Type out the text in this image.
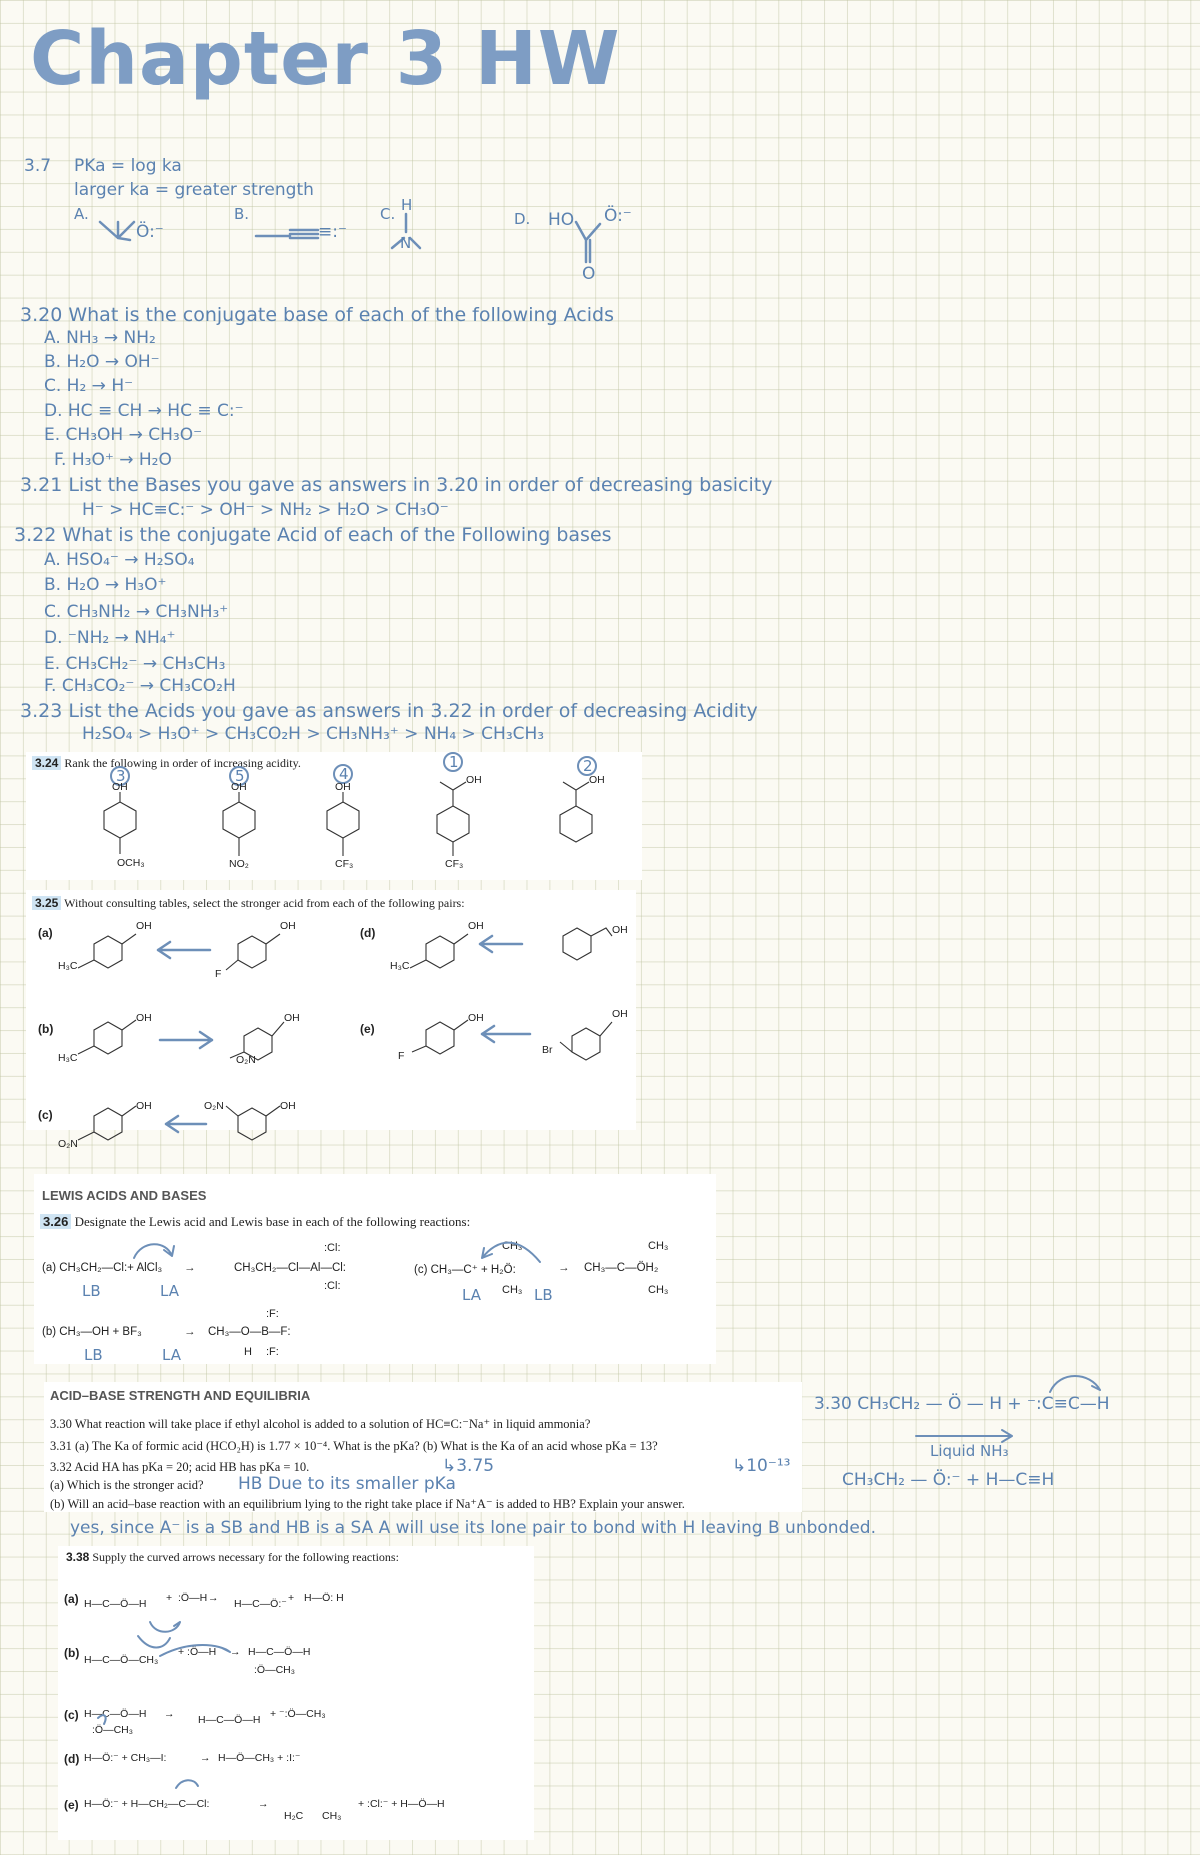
Chapter 3 HW
3.7 PKa = log ka
larger ka = greater strength
A.	B.	C.	D.
Ö:⁻	≡:⁻
H
N
HO Ö:⁻
O
3.20 What is the conjugate base of each of the following Acids
A. NH₃ → NH₂
B. H₂O → OH⁻
C. H₂ → H⁻
D. HC ≡ CH → HC ≡ C:⁻
E. CH₃OH → CH₃O⁻
F. H₃O⁺ → H₂O
3.21 List the Bases you gave as answers in 3.20 in order of decreasing basicity
H⁻ > HC≡C:⁻ > OH⁻ > NH₂ > H₂O > CH₃O⁻
3.22 What is the conjugate Acid of each of the Following bases
A. HSO₄⁻ → H₂SO₄
B. H₂O → H₃O⁺
C. CH₃NH₂ → CH₃NH₃⁺
D. ⁻NH₂ → NH₄⁺
E. CH₃CH₂⁻ → CH₃CH₃
F. CH₃CO₂⁻ → CH₃CO₂H
3.23 List the Acids you gave as answers in 3.22 in order of decreasing Acidity
H₂SO₄ > H₃O⁺ > CH₃CO₂H > CH₃NH₃⁺ > NH₄ > CH₃CH₃
3.24 Rank the following in order of increasing acidity.
3	5	4
1	2
OH	OH	OH
OH	OH
OCH₃	NO₂	CF₃	CF₃
3.25 Without consulting tables, select the stronger acid from each of the following pairs:
(a)
(b)
(c)
(d)
(e)
OH
H₃C
OH
F
OH
H₃C
OH
OH
H₃C
OH
O₂N
OH
F
OH
Br
OH
O₂N
OH
O₂N
LEWIS ACIDS AND BASES
3.26 Designate the Lewis acid and Lewis base in each of the following reactions:
(a) CH₃CH₂—Cl:+ AlCl₃ →	CH₃CH₂—Cl—Al—Cl:
:Cl:
:Cl:
(c) CH₃—C⁺ + H₂Ö:	→ CH₃—C—ÖH₂
CH₃
CH₃
CH₃
CH₃
(b) CH₃—OH + BF₃	→ CH₃—O—B—F:
:F:
H :F:
LB	LA	LA	LB
LB	LA
ACID–BASE STRENGTH AND EQUILIBRIA
3.30 What reaction will take place if ethyl alcohol is added to a solution of HC≡C:⁻Na⁺ in liquid ammonia?
3.31 (a) The Ka of formic acid (HCO₂H) is 1.77 × 10⁻⁴. What is the pKa? (b) What is the Ka of an acid whose pKa = 13?
3.32 Acid HA has pKa = 20; acid HB has pKa = 10.
(a) Which is the stronger acid?
(b) Will an acid–base reaction with an equilibrium lying to the right take place if Na⁺A⁻ is added to HB? Explain your answer.
↳3.75	↳10⁻¹³
HB Due to its smaller pKa
yes, since A⁻ is a SB and HB is a SA A will use its lone pair to bond with H leaving B unbonded.
3.30 CH₃CH₂ — Ö — H + ⁻:C≡C—H
Liquid NH₃
CH₃CH₂ — Ö:⁻ + H—C≡H
3.38 Supply the curved arrows necessary for the following reactions:
(a)
(b)
(c)
(d)
(e)
H—C—Ö—H + :Ö—H → H—C—Ö:⁻ + H—Ö: H
H—C—Ö—CH₃
+ :Ö—H → H—C—Ö—H
:Ö—CH₃
H—C—Ö—H
:Ö—CH₃
→ H—C—Ö—H + ⁻:Ö—CH₃
H—Ö:⁻ + CH₃—I:	→ H—Ö—CH₃ + :I:⁻
H—Ö:⁻ + H—CH₂—C—Cl:	→
H₂C CH₃
+ :Cl:⁻ + H—Ö—H
